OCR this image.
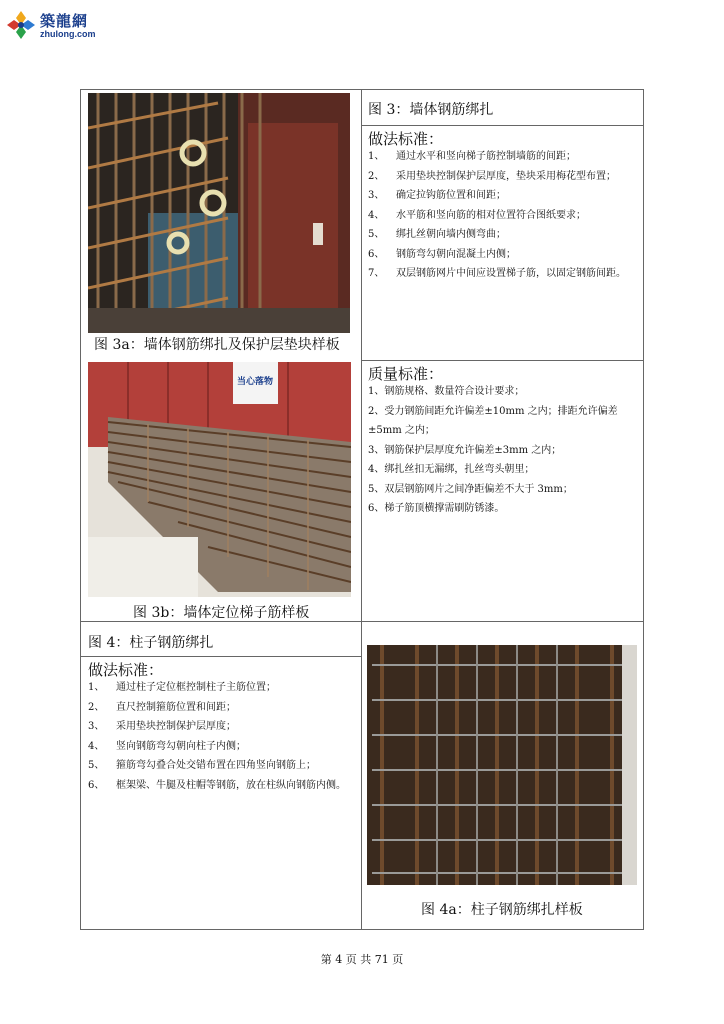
築龍網
zhulong.com
图 3a：墙体钢筋绑扎及保护层垫块样板
当心落物
图 3b：墙体定位梯子筋样板
图 3：墙体钢筋绑扎
做法标准：
1、 通过水平和竖向梯子筋控制墙筋的间距；
2、 采用垫块控制保护层厚度，垫块采用梅花型布置；
3、 确定拉钩筋位置和间距；
4、 水平筋和竖向筋的相对位置符合图纸要求；
5、 绑扎丝朝向墙内侧弯曲；
6、 钢筋弯勾朝向混凝土内侧；
7、 双层钢筋网片中间应设置梯子筋，以固定钢筋间距。
质量标准：
1、钢筋规格、数量符合设计要求；
2、受力钢筋间距允许偏差±10mm 之内；排距允许偏差±5mm 之内；
3、钢筋保护层厚度允许偏差±3mm 之内；
4、绑扎丝扣无漏绑，扎丝弯头朝里；
5、双层钢筋网片之间净距偏差不大于 3mm；
6、梯子筋顶横撑需刷防锈漆。
图 4：柱子钢筋绑扎
做法标准：
1、 通过柱子定位框控制柱子主筋位置；
2、 直尺控制箍筋位置和间距；
3、 采用垫块控制保护层厚度；
4、 竖向钢筋弯勾朝向柱子内侧；
5、 箍筋弯勾叠合处交错布置在四角竖向钢筋上；
6、 框架梁、牛腿及柱帽等钢筋，放在柱纵向钢筋内侧。
图 4a：柱子钢筋绑扎样板
第 4 页 共 71 页
